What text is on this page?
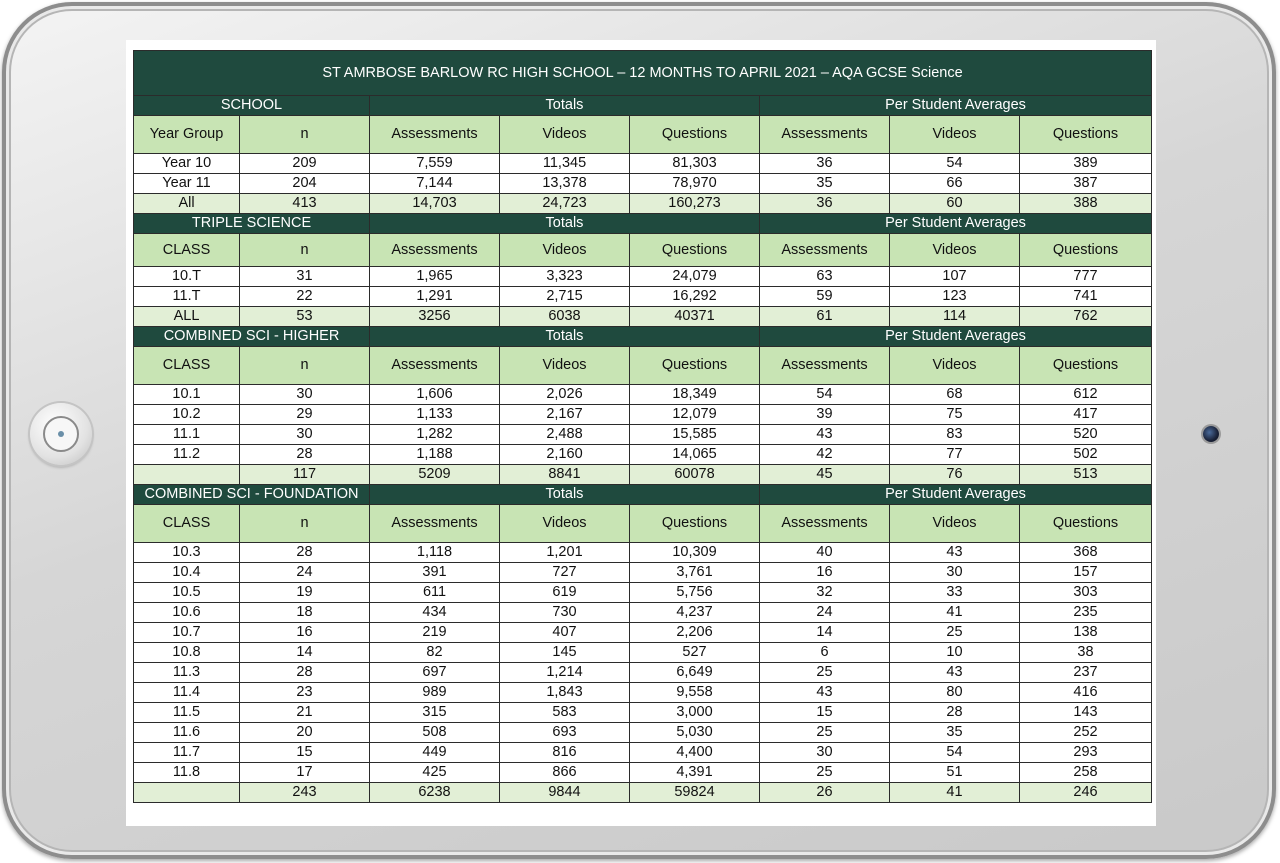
ST AMRBOSE BARLOW RC HIGH SCHOOL – 12 MONTHS TO APRIL 2021 – AQA GCSE Science							
SCHOOL		Totals			Per Student Averages		
Year Group	n	Assessments	Videos	Questions	Assessments	Videos	Questions
Year 10	209	7,559	11,345	81,303	36	54	389
Year 11	204	7,144	13,378	78,970	35	66	387
All	413	14,703	24,723	160,273	36	60	388
TRIPLE SCIENCE		Totals			Per Student Averages		
CLASS	n	Assessments	Videos	Questions	Assessments	Videos	Questions
10.T	31	1,965	3,323	24,079	63	107	777
11.T	22	1,291	2,715	16,292	59	123	741
ALL	53	3256	6038	40371	61	114	762
COMBINED SCI - HIGHER		Totals			Per Student Averages		
CLASS	n	Assessments	Videos	Questions	Assessments	Videos	Questions
10.1	30	1,606	2,026	18,349	54	68	612
10.2	29	1,133	2,167	12,079	39	75	417
11.1	30	1,282	2,488	15,585	43	83	520
11.2	28	1,188	2,160	14,065	42	77	502
	117	5209	8841	60078	45	76	513
COMBINED SCI - FOUNDATION		Totals			Per Student Averages		
CLASS	n	Assessments	Videos	Questions	Assessments	Videos	Questions
10.3	28	1,118	1,201	10,309	40	43	368
10.4	24	391	727	3,761	16	30	157
10.5	19	611	619	5,756	32	33	303
10.6	18	434	730	4,237	24	41	235
10.7	16	219	407	2,206	14	25	138
10.8	14	82	145	527	6	10	38
11.3	28	697	1,214	6,649	25	43	237
11.4	23	989	1,843	9,558	43	80	416
11.5	21	315	583	3,000	15	28	143
11.6	20	508	693	5,030	25	35	252
11.7	15	449	816	4,400	30	54	293
11.8	17	425	866	4,391	25	51	258
	243	6238	9844	59824	26	41	246
